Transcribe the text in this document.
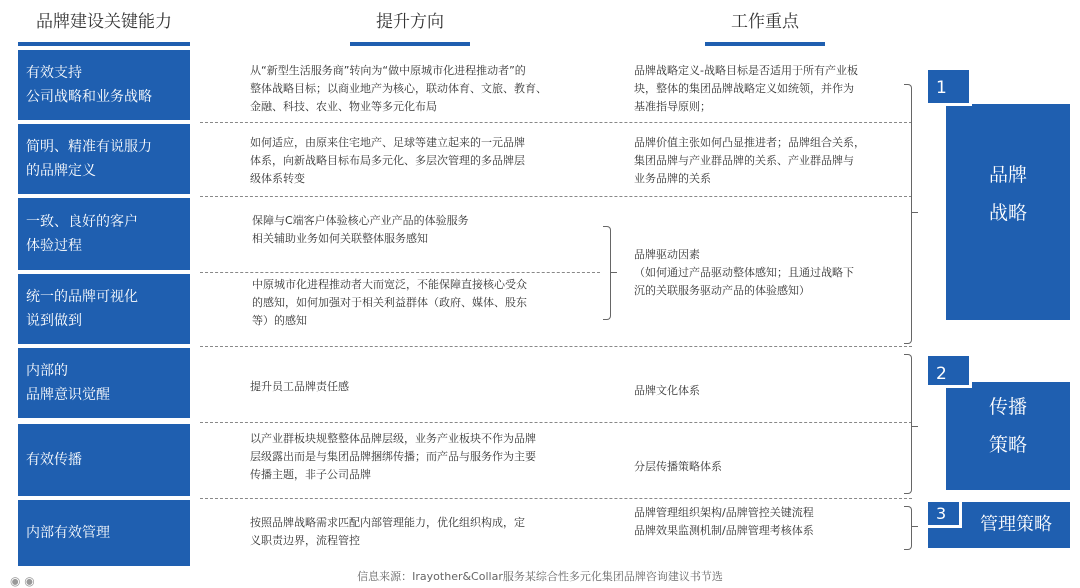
品牌建设关键能力	提升方向	工作重点
有效支持
公司战略和业务战略
简明、精准有说服力
的品牌定义
一致、良好的客户
体验过程
统一的品牌可视化
说到做到
内部的
品牌意识觉醒
有效传播
内部有效管理
从“新型生活服务商”转向为“做中原城市化进程推动者”的
整体战略目标；以商业地产为核心，联动体育、文旅、教育、
金融、科技、农业、物业等多元化布局
如何适应，由原来住宅地产、足球等建立起来的一元品牌
体系，向新战略目标布局多元化、多层次管理的多品牌层
级体系转变
保障与C端客户体验核心产业产品的体验服务
相关辅助业务如何关联整体服务感知
中原城市化进程推动者大而宽泛，不能保障直接核心受众
的感知，如何加强对于相关利益群体（政府、媒体、股东
等）的感知
提升员工品牌责任感
以产业群板块规整整体品牌层级，业务产业板块不作为品牌
层级露出而是与集团品牌捆绑传播；而产品与服务作为主要
传播主题，非子公司品牌
按照品牌战略需求匹配内部管理能力，优化组织构成，定
义职责边界，流程管控
品牌战略定义-战略目标是否适用于所有产业板
块，整体的集团品牌战略定义如统领，并作为
基准指导原则；
品牌价值主张如何凸显推进者；品牌组合关系，
集团品牌与产业群品牌的关系、产业群品牌与
业务品牌的关系
品牌驱动因素
（如何通过产品驱动整体感知；且通过战略下
沉的关联服务驱动产品的体验感知）
品牌文化体系
分层传播策略体系
品牌管理组织架构/品牌管控关键流程
品牌效果监测机制/品牌管理考核体系
1
品牌
战略
2
传播
策略
3
管理策略
信息来源：Irayother&Collar服务某综合性多元化集团品牌咨询建议书节选
◉ ◉
